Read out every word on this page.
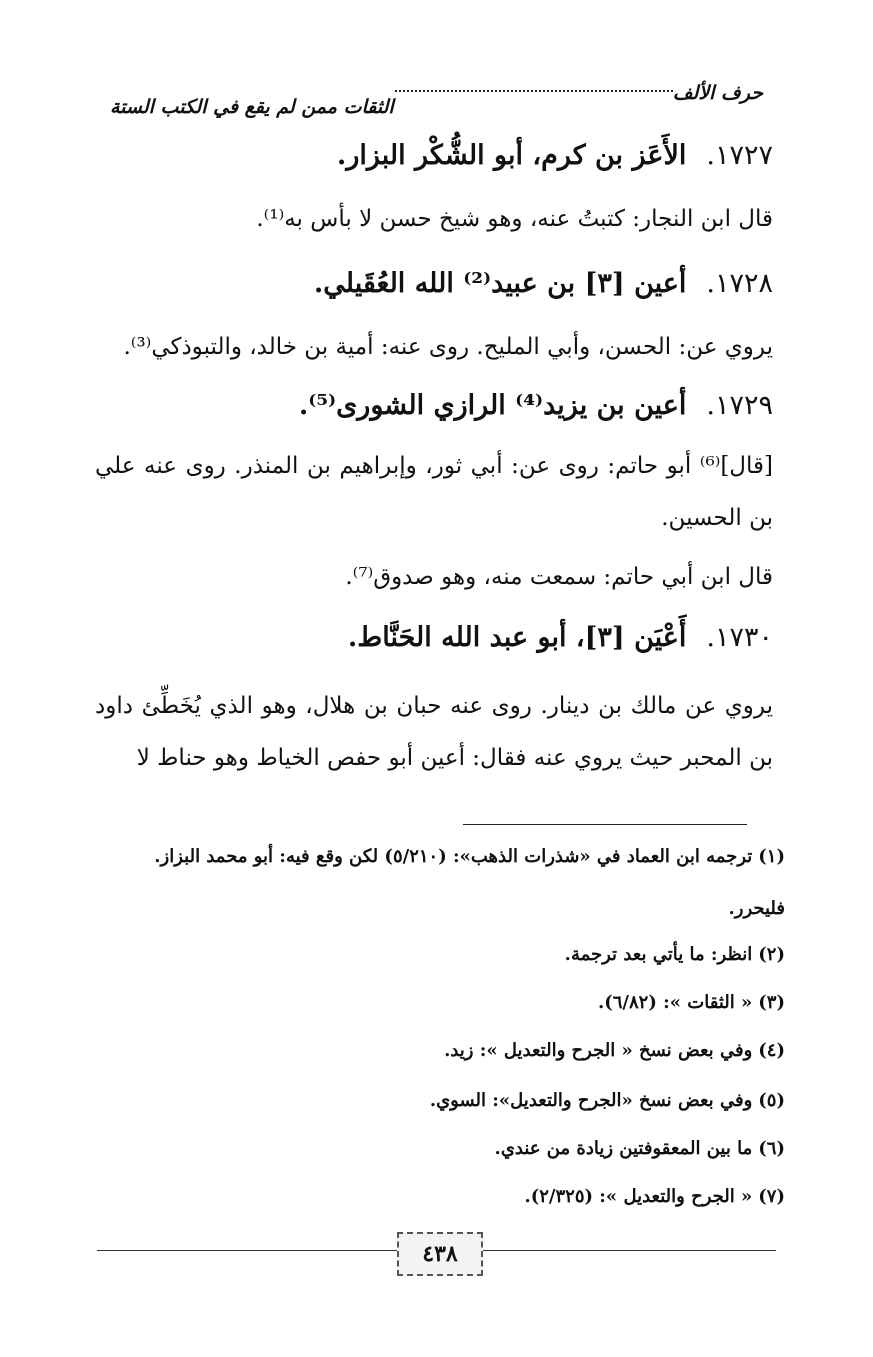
حرف الألف
الثقات ممن لم يقع في الكتب الستة
١٧٢٧.الأَعَز بن كرم، أبو الشُّكْر البزار.
قال ابن النجار: كتبتُ عنه، وهو شيخ حسن لا بأس به⁽¹⁾.
١٧٢٨.أعين [٣] بن عبيد⁽²⁾ الله العُقَيلي.
يروي عن: الحسن، وأبي المليح. روى عنه: أمية بن خالد، والتبوذكي⁽³⁾.
١٧٢٩.أعين بن يزيد⁽⁴⁾ الرازي الشورى⁽⁵⁾.
[قال]⁽⁶⁾ أبو حاتم: روى عن: أبي ثور، وإبراهيم بن المنذر. روى عنه علي بن الحسين.
قال ابن أبي حاتم: سمعت منه، وهو صدوق⁽⁷⁾.
١٧٣٠.أَعْيَن [٣]، أبو عبد الله الحَنَّاط.
يروي عن مالك بن دينار. روى عنه حبان بن هلال، وهو الذي يُخَطِّئ داود بن المحبر حيث يروي عنه فقال: أعين أبو حفص الخياط وهو حناط لا
(١)ترجمه ابن العماد في «شذرات الذهب»: (٥/٢١٠) لكن وقع فيه: أبو محمد البزاز.
فليحرر.
(٢)انظر: ما يأتي بعد ترجمة.
(٣)« الثقات »: (٦/٨٢).
(٤)وفي بعض نسخ « الجرح والتعديل »: زيد.
(٥)وفي بعض نسخ «الجرح والتعديل»: السوي.
(٦)ما بين المعقوفتين زيادة من عندي.
(٧)« الجرح والتعديل »: (٢/٣٢٥).
٤٣٨
